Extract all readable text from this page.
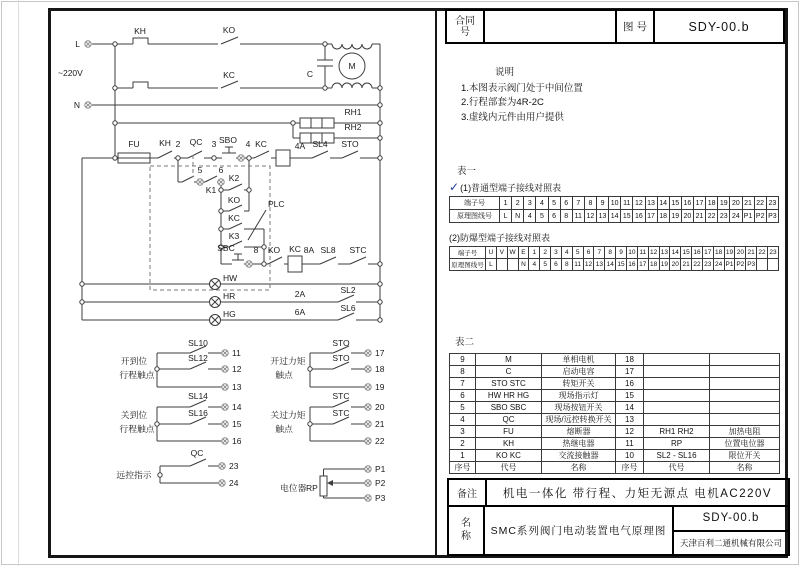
L
~220V
N
KH	KO
KC	C
M
RH1
RH2
FU KH 2 QC 3 SBO 4 KC	4A SL4 STO
5 6
K1
K2
KO
KC
K3
PLC
SBC 8 KO KC 8A SL8 STC
HW
HR
HG
2A	SL2
6A	SL6
开到位
行程触点
SL10
11
SL12
12
13
关到位
行程触点
SL14
14
SL16
15
16
开过力矩
触点
STO
17
STO
18
19
关过力矩
触点
STC
20
STC
21
22
远控指示
QC
23
24	电位器 RP
P1
P2
P3
合同号	图号	SDY-00.b
说明
1.本图表示阀门处于中间位置
2.行程部套为4R-2C
3.虚线内元件由用户提供
表一
✓(1)普通型端子接线对照表
端子号	1	2	3	4	5	6	7	8	9	10	11	12	13	14	15	16	17	18	19	20	21	22	23
原理图线号	L	N	4	5	6	8	11	12	13	14	15	16	17	18	19	20	21	22	23	24	P1	P2	P3
(2)防爆型端子接线对照表
端子号	U	V	W	E	1	2	3	4	5	6	7	8	9	10	11	12	13	14	15	16	17	18	19	20	21	22	23
原理图线号	L			N	4	5	6	8	11	12	13	14	15	16	17	18	19	20	21	22	23	24	P1	P2	P3		
表二
9	M	单相电机	18		
8	C	启动电容	17		
7	STO STC	转矩开关	16		
6	HW HR HG	现场指示灯	15		
5	SBO SBC	现场按钮开关	14		
4	QC	现场/远控转换开关	13		
3	FU	熔断器	12	RH1 RH2	加热电阻
2	KH	热继电器	11	RP	位置电位器
1	KO KC	交流接触器	10	SL2 - SL16	限位开关
序号	代号	名称	序号	代号	名称
备注	机电一体化 带行程、力矩无源点 电机AC220V
名称	SMC系列阀门电动装置电气原理图
SDY-00.b
天津百利二通机械有限公司
